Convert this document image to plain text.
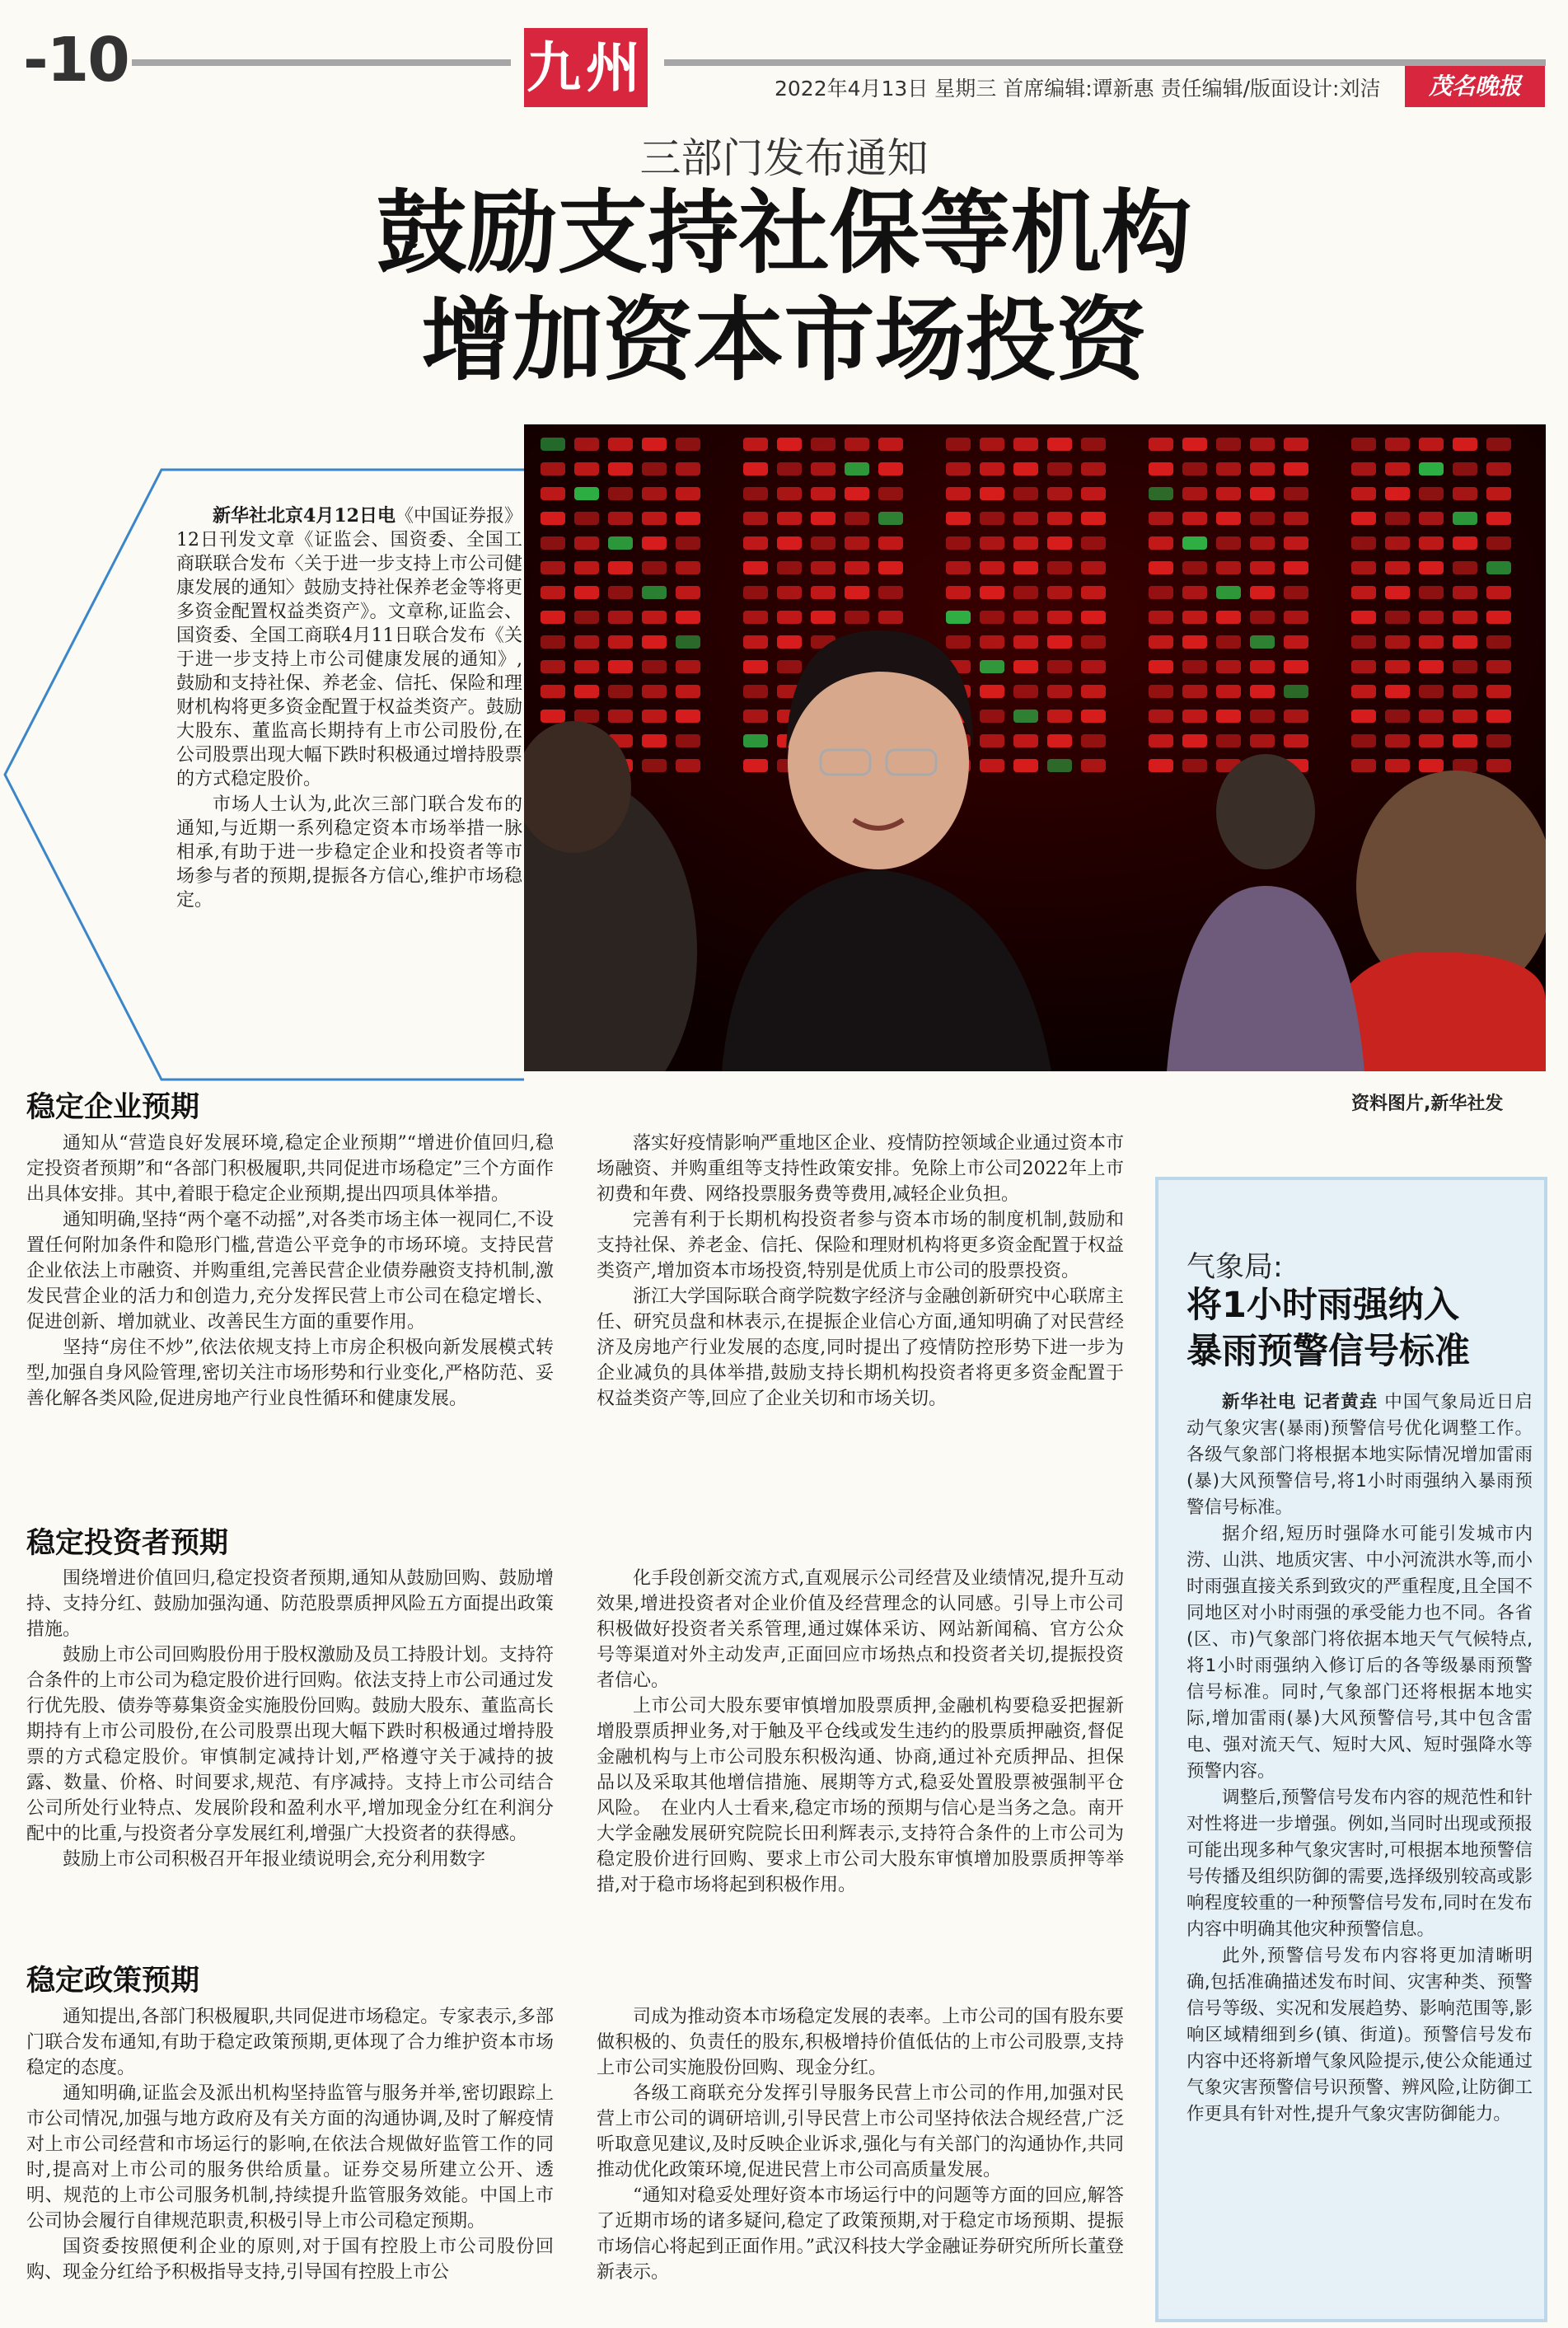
-10	九州	2022年4月13日 星期三 首席编辑:谭新惠 责任编辑/版面设计:刘洁	茂名晚报
三部门发布通知
鼓励支持社保等机构
增加资本市场投资

新华社北京4月12日电《中国证券报》12日刊发文章《证监会、国资委、全国工商联联合发布〈关于进一步支持上市公司健康发展的通知〉鼓励支持社保养老金等将更多资金配置权益类资产》。文章称,证监会、国资委、全国工商联4月11日联合发布《关于进一步支持上市公司健康发展的通知》,鼓励和支持社保、养老金、信托、保险和理财机构将更多资金配置于权益类资产。鼓励大股东、董监高长期持有上市公司股份,在公司股票出现大幅下跌时积极通过增持股票的方式稳定股价。

市场人士认为,此次三部门联合发布的通知,与近期一系列稳定资本市场举措一脉相承,有助于进一步稳定企业和投资者等市场参与者的预期,提振各方信心,维护市场稳定。

资料图片,新华社发
稳定企业预期

通知从“营造良好发展环境,稳定企业预期”“增进价值回归,稳定投资者预期”和“各部门积极履职,共同促进市场稳定”三个方面作出具体安排。其中,着眼于稳定企业预期,提出四项具体举措。

通知明确,坚持“两个毫不动摇”,对各类市场主体一视同仁,不设置任何附加条件和隐形门槛,营造公平竞争的市场环境。支持民营企业依法上市融资、并购重组,完善民营企业债券融资支持机制,激发民营企业的活力和创造力,充分发挥民营上市公司在稳定增长、促进创新、增加就业、改善民生方面的重要作用。

坚持“房住不炒”,依法依规支持上市房企积极向新发展模式转型,加强自身风险管理,密切关注市场形势和行业变化,严格防范、妥善化解各类风险,促进房地产行业良性循环和健康发展。

落实好疫情影响严重地区企业、疫情防控领域企业通过资本市场融资、并购重组等支持性政策安排。免除上市公司2022年上市初费和年费、网络投票服务费等费用,减轻企业负担。

完善有利于长期机构投资者参与资本市场的制度机制,鼓励和支持社保、养老金、信托、保险和理财机构将更多资金配置于权益类资产,增加资本市场投资,特别是优质上市公司的股票投资。

浙江大学国际联合商学院数字经济与金融创新研究中心联席主任、研究员盘和林表示,在提振企业信心方面,通知明确了对民营经济及房地产行业发展的态度,同时提出了疫情防控形势下进一步为企业减负的具体举措,鼓励支持长期机构投资者将更多资金配置于权益类资产等,回应了企业关切和市场关切。

稳定投资者预期

围绕增进价值回归,稳定投资者预期,通知从鼓励回购、鼓励增持、支持分红、鼓励加强沟通、防范股票质押风险五方面提出政策措施。

鼓励上市公司回购股份用于股权激励及员工持股计划。支持符合条件的上市公司为稳定股价进行回购。依法支持上市公司通过发行优先股、债券等募集资金实施股份回购。鼓励大股东、董监高长期持有上市公司股份,在公司股票出现大幅下跌时积极通过增持股票的方式稳定股价。审慎制定减持计划,严格遵守关于减持的披露、数量、价格、时间要求,规范、有序减持。支持上市公司结合公司所处行业特点、发展阶段和盈利水平,增加现金分红在利润分配中的比重,与投资者分享发展红利,增强广大投资者的获得感。

鼓励上市公司积极召开年报业绩说明会,充分利用数字

化手段创新交流方式,直观展示公司经营及业绩情况,提升互动效果,增进投资者对企业价值及经营理念的认同感。引导上市公司积极做好投资者关系管理,通过媒体采访、网站新闻稿、官方公众号等渠道对外主动发声,正面回应市场热点和投资者关切,提振投资者信心。

上市公司大股东要审慎增加股票质押,金融机构要稳妥把握新增股票质押业务,对于触及平仓线或发生违约的股票质押融资,督促金融机构与上市公司股东积极沟通、协商,通过补充质押品、担保品以及采取其他增信措施、展期等方式,稳妥处置股票被强制平仓风险。　在业内人士看来,稳定市场的预期与信心是当务之急。南开大学金融发展研究院院长田利辉表示,支持符合条件的上市公司为稳定股价进行回购、要求上市公司大股东审慎增加股票质押等举措,对于稳市场将起到积极作用。

稳定政策预期

通知提出,各部门积极履职,共同促进市场稳定。专家表示,多部门联合发布通知,有助于稳定政策预期,更体现了合力维护资本市场稳定的态度。

通知明确,证监会及派出机构坚持监管与服务并举,密切跟踪上市公司情况,加强与地方政府及有关方面的沟通协调,及时了解疫情对上市公司经营和市场运行的影响,在依法合规做好监管工作的同时,提高对上市公司的服务供给质量。证券交易所建立公开、透明、规范的上市公司服务机制,持续提升监管服务效能。中国上市公司协会履行自律规范职责,积极引导上市公司稳定预期。

国资委按照便利企业的原则,对于国有控股上市公司股份回购、现金分红给予积极指导支持,引导国有控股上市公

司成为推动资本市场稳定发展的表率。上市公司的国有股东要做积极的、负责任的股东,积极增持价值低估的上市公司股票,支持上市公司实施股份回购、现金分红。

各级工商联充分发挥引导服务民营上市公司的作用,加强对民营上市公司的调研培训,引导民营上市公司坚持依法合规经营,广泛听取意见建议,及时反映企业诉求,强化与有关部门的沟通协作,共同推动优化政策环境,促进民营上市公司高质量发展。

“通知对稳妥处理好资本市场运行中的问题等方面的回应,解答了近期市场的诸多疑问,稳定了政策预期,对于稳定市场预期、提振市场信心将起到正面作用。”武汉科技大学金融证券研究所所长董登新表示。

气象局:
将1小时雨强纳入
暴雨预警信号标准

新华社电 记者黄垚 中国气象局近日启动气象灾害(暴雨)预警信号优化调整工作。各级气象部门将根据本地实际情况增加雷雨(暴)大风预警信号,将1小时雨强纳入暴雨预警信号标准。

据介绍,短历时强降水可能引发城市内涝、山洪、地质灾害、中小河流洪水等,而小时雨强直接关系到致灾的严重程度,且全国不同地区对小时雨强的承受能力也不同。各省(区、市)气象部门将依据本地天气气候特点,将1小时雨强纳入修订后的各等级暴雨预警信号标准。同时,气象部门还将根据本地实际,增加雷雨(暴)大风预警信号,其中包含雷电、强对流天气、短时大风、短时强降水等预警内容。

调整后,预警信号发布内容的规范性和针对性将进一步增强。例如,当同时出现或预报可能出现多种气象灾害时,可根据本地预警信号传播及组织防御的需要,选择级别较高或影响程度较重的一种预警信号发布,同时在发布内容中明确其他灾种预警信息。

此外,预警信号发布内容将更加清晰明确,包括准确描述发布时间、灾害种类、预警信号等级、实况和发展趋势、影响范围等,影响区域精细到乡(镇、街道)。预警信号发布内容中还将新增气象风险提示,使公众能通过气象灾害预警信号识预警、辨风险,让防御工作更具有针对性,提升气象灾害防御能力。
